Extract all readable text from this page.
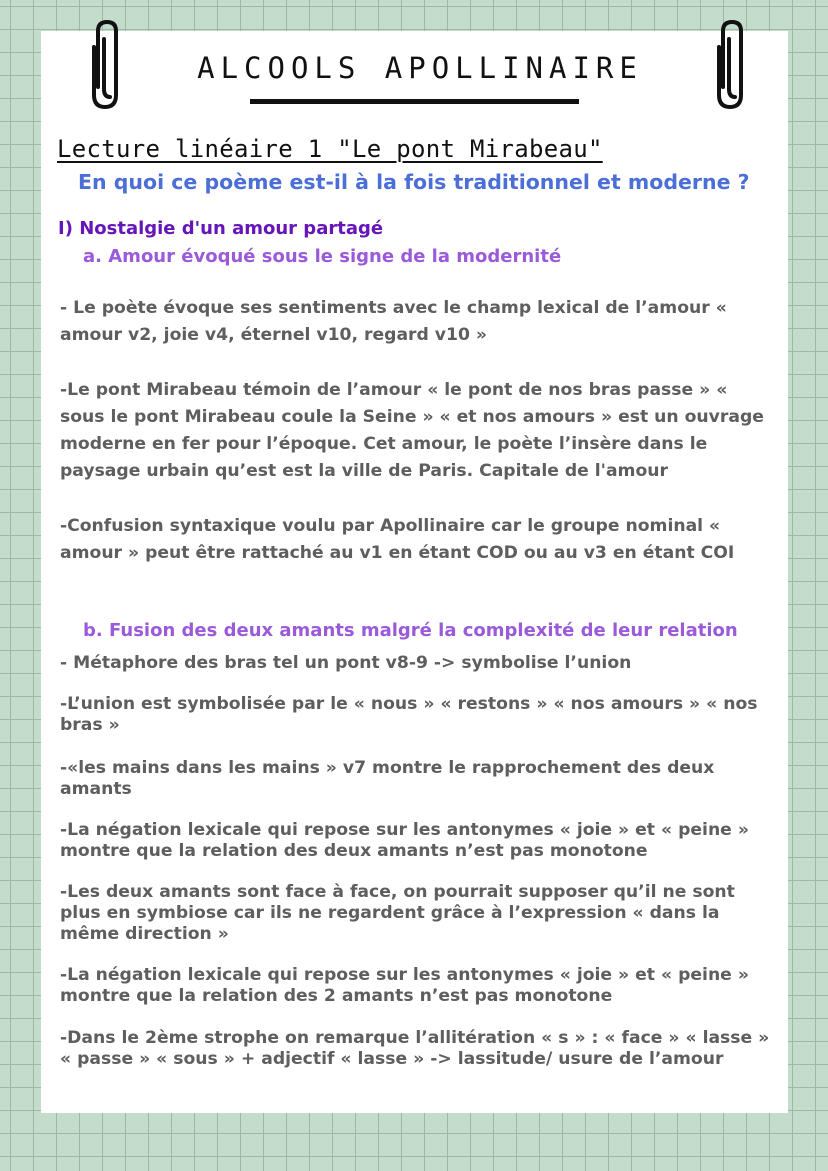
ALCOOLS APOLLINAIRE
Lecture linéaire 1 "Le pont Mirabeau"

En quoi ce poème est-il à la fois traditionnel et moderne ?

I) Nostalgie d'un amour partagé
a. Amour évoqué sous le signe de la modernité

- Le poète évoque ses sentiments avec le champ lexical de l’amour « amour v2, joie v4, éternel v10, regard v10 »

-Le pont Mirabeau témoin de l’amour « le pont de nos bras passe » « sous le pont Mirabeau coule la Seine » « et nos amours » est un ouvrage moderne en fer pour l’époque. Cet amour, le poète l’insère dans le paysage urbain qu’est est la ville de Paris. Capitale de l'amour

-Confusion syntaxique voulu par Apollinaire car le groupe nominal « amour » peut être rattaché au v1 en étant COD ou au v3 en étant COI

b. Fusion des deux amants malgré la complexité de leur relation

- Métaphore des bras tel un pont v8-9 -> symbolise l’union

-L’union est symbolisée par le « nous » « restons » « nos amours » « nos bras »

-«les mains dans les mains » v7 montre le rapprochement des deux amants

-La négation lexicale qui repose sur les antonymes « joie » et « peine » montre que la relation des deux amants n’est pas monotone

-Les deux amants sont face à face, on pourrait supposer qu’il ne sont plus en symbiose car ils ne regardent grâce à l’expression « dans la même direction »

-La négation lexicale qui repose sur les antonymes « joie » et « peine » montre que la relation des 2 amants n’est pas monotone

-Dans le 2ème strophe on remarque l’allitération « s » : « face » « lasse » « passe » « sous » + adjectif « lasse » -> lassitude/ usure de l’amour
